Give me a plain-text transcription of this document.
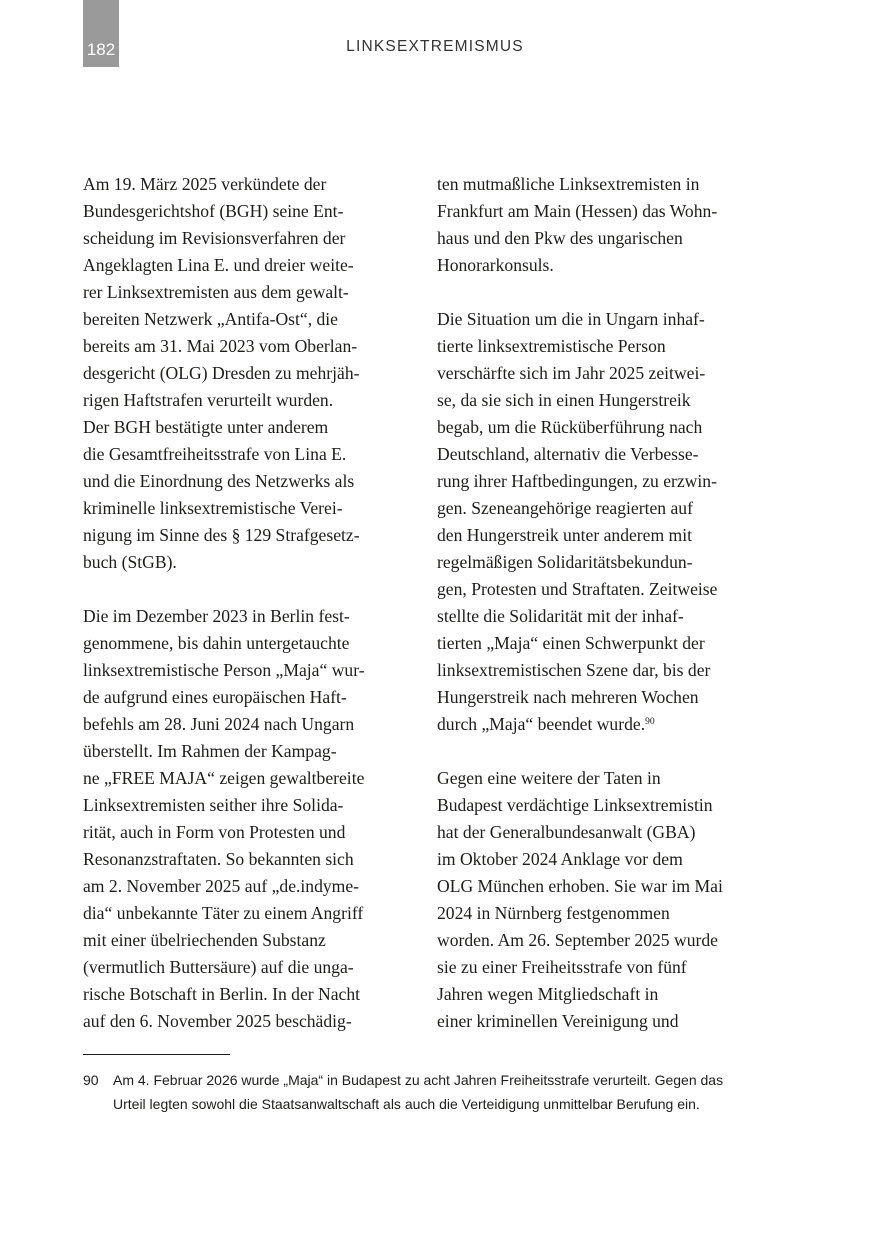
182	LINKSEXTREMISMUS
Am 19. März 2025 verkündete der
Bundesgerichtshof (BGH) seine Ent-
scheidung im Revisionsverfahren der
Angeklagten Lina E. und dreier weite-
rer Linksextremisten aus dem gewalt-
bereiten Netzwerk „Antifa-Ost“, die
bereits am 31. Mai 2023 vom Oberlan-
desgericht (OLG) Dresden zu mehrjäh-
rigen Haftstrafen verurteilt wurden.
Der BGH bestätigte unter anderem
die Gesamtfreiheitsstrafe von Lina E.
und die Einordnung des Netzwerks als
kriminelle linksextremistische Verei-
nigung im Sinne des § 129 Strafgesetz-
buch (StGB).
Die im Dezember 2023 in Berlin fest-
genommene, bis dahin untergetauchte
linksextremistische Person „Maja“ wur-
de aufgrund eines europäischen Haft-
befehls am 28. Juni 2024 nach Ungarn
überstellt. Im Rahmen der Kampag-
ne „FREE MAJA“ zeigen gewaltbereite
Linksextremisten seither ihre Solida-
rität, auch in Form von Protesten und
Resonanzstraftaten. So bekannten sich
am 2. November 2025 auf „de.indyme-
dia“ unbekannte Täter zu einem Angriff
mit einer übelriechenden Substanz
(vermutlich Buttersäure) auf die unga-
rische Botschaft in Berlin. In der Nacht
auf den 6. November 2025 beschädig-
ten mutmaßliche Linksextremisten in
Frankfurt am Main (Hessen) das Wohn-
haus und den Pkw des ungarischen
Honorarkonsuls.
Die Situation um die in Ungarn inhaf-
tierte linksextremistische Person
verschärfte sich im Jahr 2025 zeitwei-
se, da sie sich in einen Hungerstreik
begab, um die Rücküberführung nach
Deutschland, alternativ die Verbesse-
rung ihrer Haftbedingungen, zu erzwin-
gen. Szeneangehörige reagierten auf
den Hungerstreik unter anderem mit
regelmäßigen Solidaritätsbekundun-
gen, Protesten und Straftaten. Zeitweise
stellte die Solidarität mit der inhaf-
tierten „Maja“ einen Schwerpunkt der
linksextremistischen Szene dar, bis der
Hungerstreik nach mehreren Wochen
durch „Maja“ beendet wurde.$^{90}$
Gegen eine weitere der Taten in
Budapest verdächtige Linksextremistin
hat der Generalbundesanwalt (GBA)
im Oktober 2024 Anklage vor dem
OLG München erhoben. Sie war im Mai
2024 in Nürnberg festgenommen
worden. Am 26. September 2025 wurde
sie zu einer Freiheitsstrafe von fünf
Jahren wegen Mitgliedschaft in
einer kriminellen Vereinigung und
90 Am 4. Februar 2026 wurde „Maja“ in Budapest zu acht Jahren Freiheitsstrafe verurteilt. Gegen das
Urteil legten sowohl die Staatsanwaltschaft als auch die Verteidigung unmittelbar Berufung ein.
